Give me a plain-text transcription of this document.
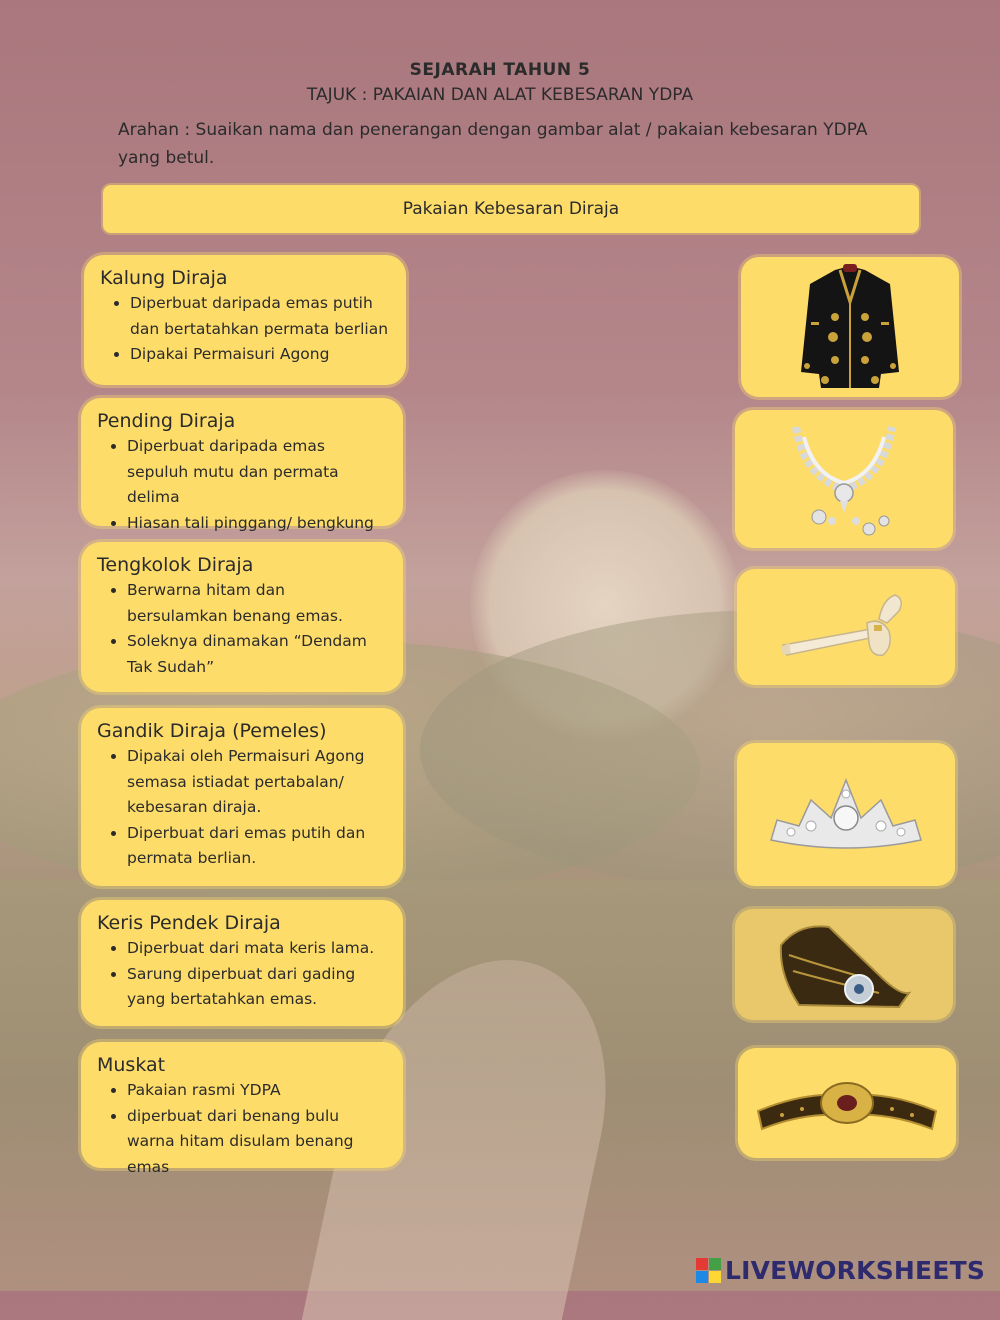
SEJARAH TAHUN 5
TAJUK : PAKAIAN DAN ALAT KEBESARAN YDPA
Arahan : Suaikan nama dan penerangan dengan gambar alat / pakaian kebesaran YDPA yang betul.
Pakaian Kebesaran Diraja
Kalung Diraja
• Diperbuat daripada emas putih dan bertatahkan permata berlian
• Dipakai Permaisuri Agong
Pending Diraja
• Diperbuat daripada emas sepuluh mutu dan permata delima
• Hiasan tali pinggang/ bengkung
Tengkolok Diraja
• Berwarna hitam dan bersulamkan benang emas.
• Soleknya dinamakan “Dendam Tak Sudah”
Gandik Diraja (Pemeles)
• Dipakai oleh Permaisuri Agong semasa istiadat pertabalan/ kebesaran diraja.
• Diperbuat dari emas putih dan permata berlian.
Keris Pendek Diraja
• Diperbuat dari mata keris lama.
• Sarung diperbuat dari gading yang bertatahkan emas.
Muskat
• Pakaian rasmi YDPA
• diperbuat dari benang bulu warna hitam disulam benang emas
LIVEWORKSHEETS
